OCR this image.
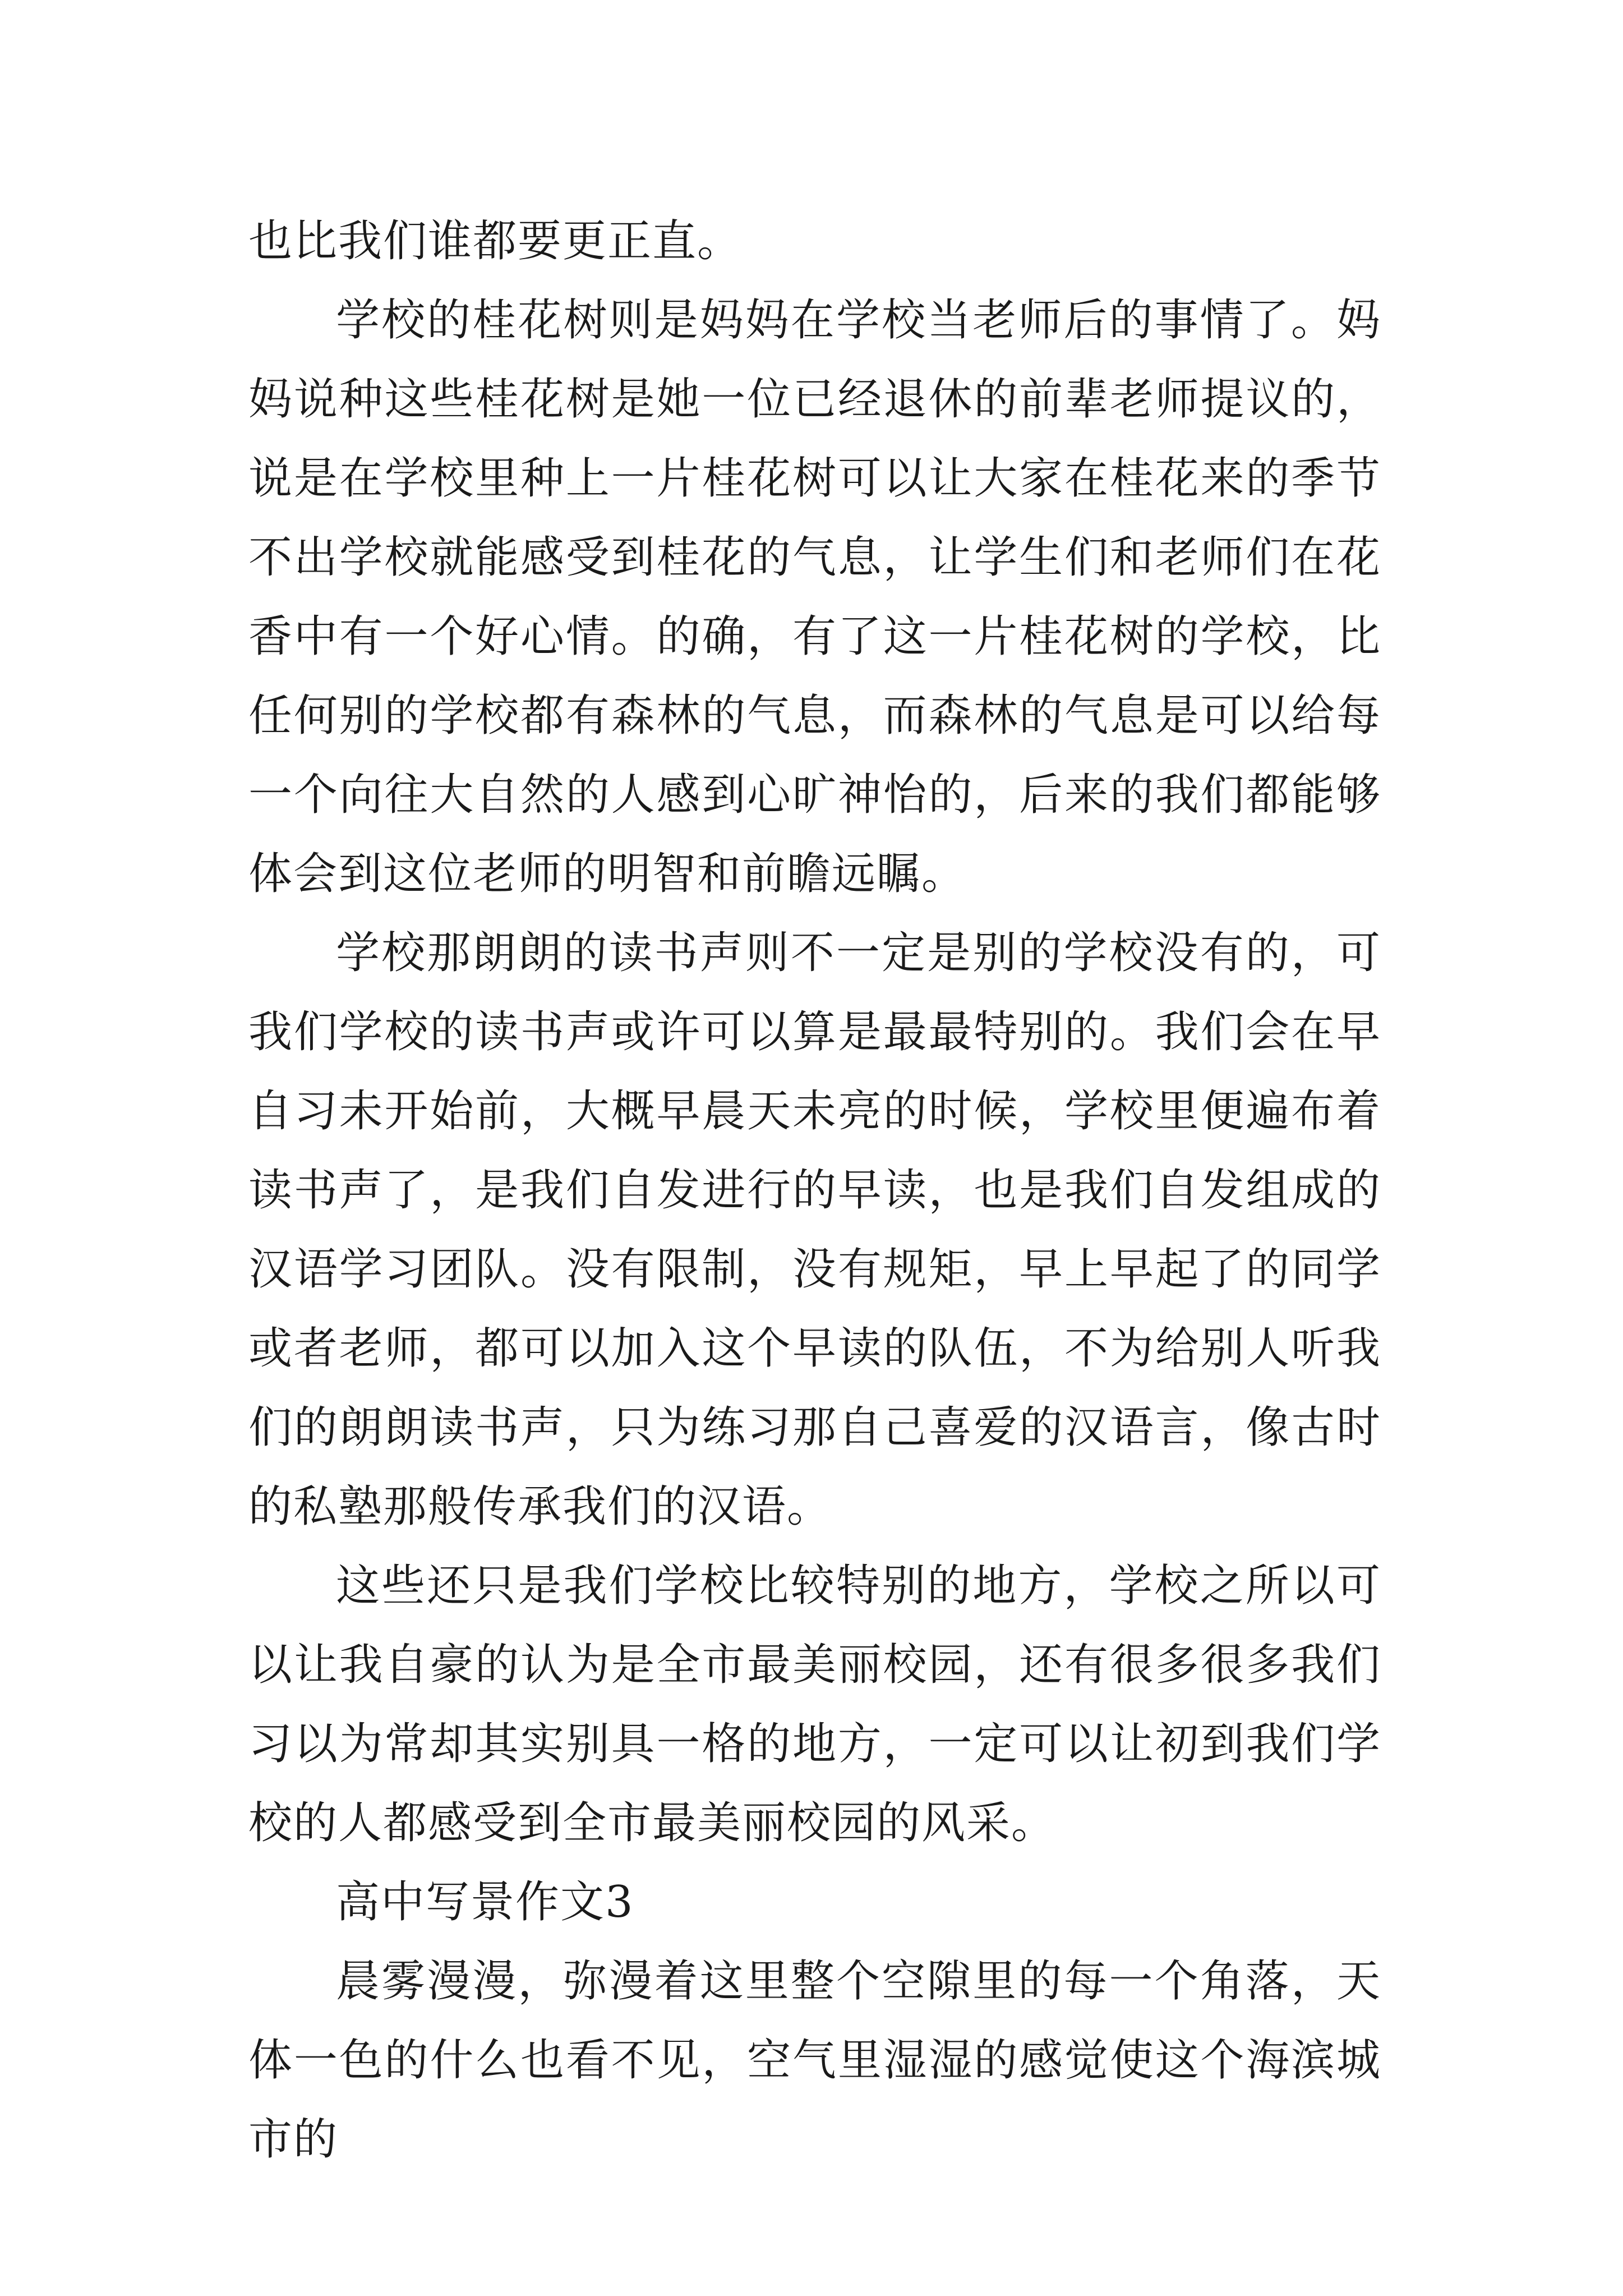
也比我们谁都要更正直。

学校的桂花树则是妈妈在学校当老师后的事情了。妈妈说种这些桂花树是她一位已经退休的前辈老师提议的，说是在学校里种上一片桂花树可以让大家在桂花来的季节不出学校就能感受到桂花的气息，让学生们和老师们在花香中有一个好心情。的确，有了这一片桂花树的学校，比任何别的学校都有森林的气息，而森林的气息是可以给每一个向往大自然的人感到心旷神怡的，后来的我们都能够体会到这位老师的明智和前瞻远瞩。

学校那朗朗的读书声则不一定是别的学校没有的，可我们学校的读书声或许可以算是最最特别的。我们会在早自习未开始前，大概早晨天未亮的时候，学校里便遍布着读书声了，是我们自发进行的早读，也是我们自发组成的汉语学习团队。没有限制，没有规矩，早上早起了的同学或者老师，都可以加入这个早读的队伍，不为给别人听我们的朗朗读书声，只为练习那自己喜爱的汉语言，像古时的私塾那般传承我们的汉语。

这些还只是我们学校比较特别的地方，学校之所以可以让我自豪的认为是全市最美丽校园，还有很多很多我们习以为常却其实别具一格的地方，一定可以让初到我们学校的人都感受到全市最美丽校园的风采。

高中写景作文3

晨雾漫漫，弥漫着这里整个空隙里的每一个角落，天体一色的什么也看不见，空气里湿湿的感觉使这个海滨城市的
